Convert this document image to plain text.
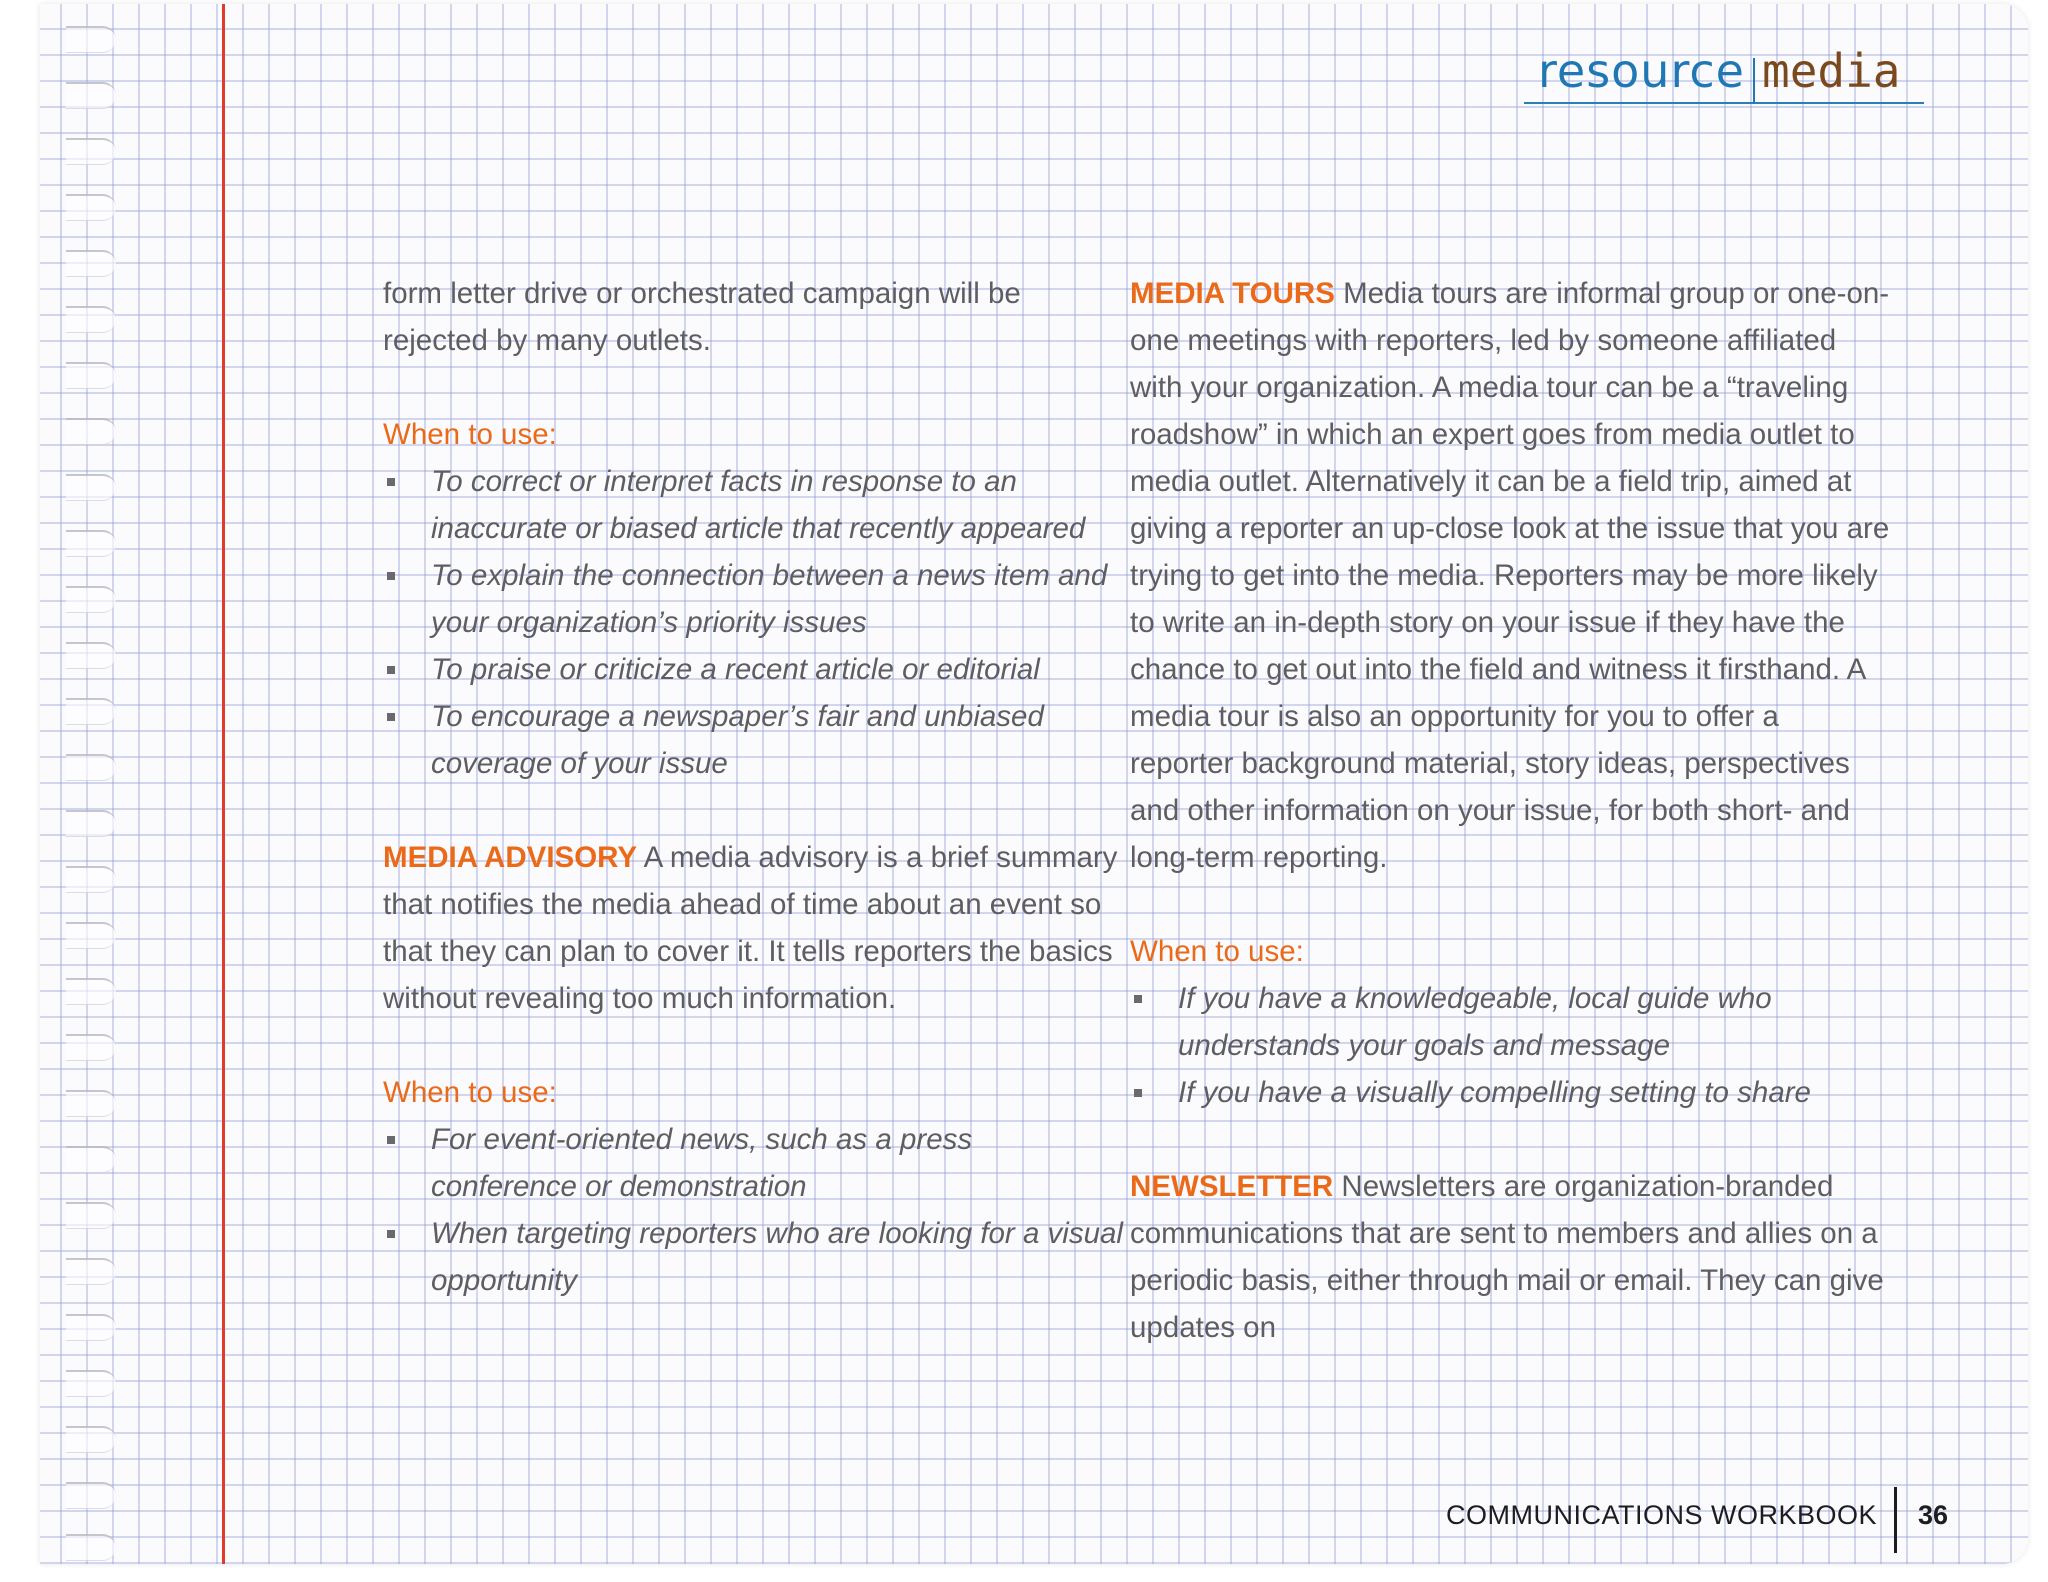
resource media

form letter drive or orchestrated campaign will be rejected by many outlets.

When to use:

To correct or interpret facts in response to an inaccurate or biased article that recently appeared
To explain the connection between a news item and your organization’s priority issues
To praise or criticize a recent article or editorial
To encourage a newspaper’s fair and unbiased coverage of your issue

MEDIA ADVISORY A media advisory is a brief summary that notifies the media ahead of time about an event so that they can plan to cover it. It tells reporters the basics without revealing too much information.

When to use:

For event-oriented news, such as a press conference or demonstration
When targeting reporters who are looking for a visual opportunity

MEDIA TOURS Media tours are informal group or one-on-one meetings with reporters, led by someone affiliated with your organization. A media tour can be a “traveling roadshow” in which an expert goes from media outlet to media outlet. Alternatively it can be a field trip, aimed at giving a reporter an up-close look at the issue that you are trying to get into the media. Reporters may be more likely to write an in-depth story on your issue if they have the chance to get out into the field and witness it firsthand. A media tour is also an opportunity for you to offer a reporter background material, story ideas, perspectives and other information on your issue, for both short- and long-term reporting.

When to use:

If you have a knowledgeable, local guide who understands your goals and message
If you have a visually compelling setting to share

NEWSLETTER Newsletters are organization-branded communications that are sent to members and allies on a periodic basis, either through mail or email. They can give updates on

COMMUNICATIONS WORKBOOK 36
